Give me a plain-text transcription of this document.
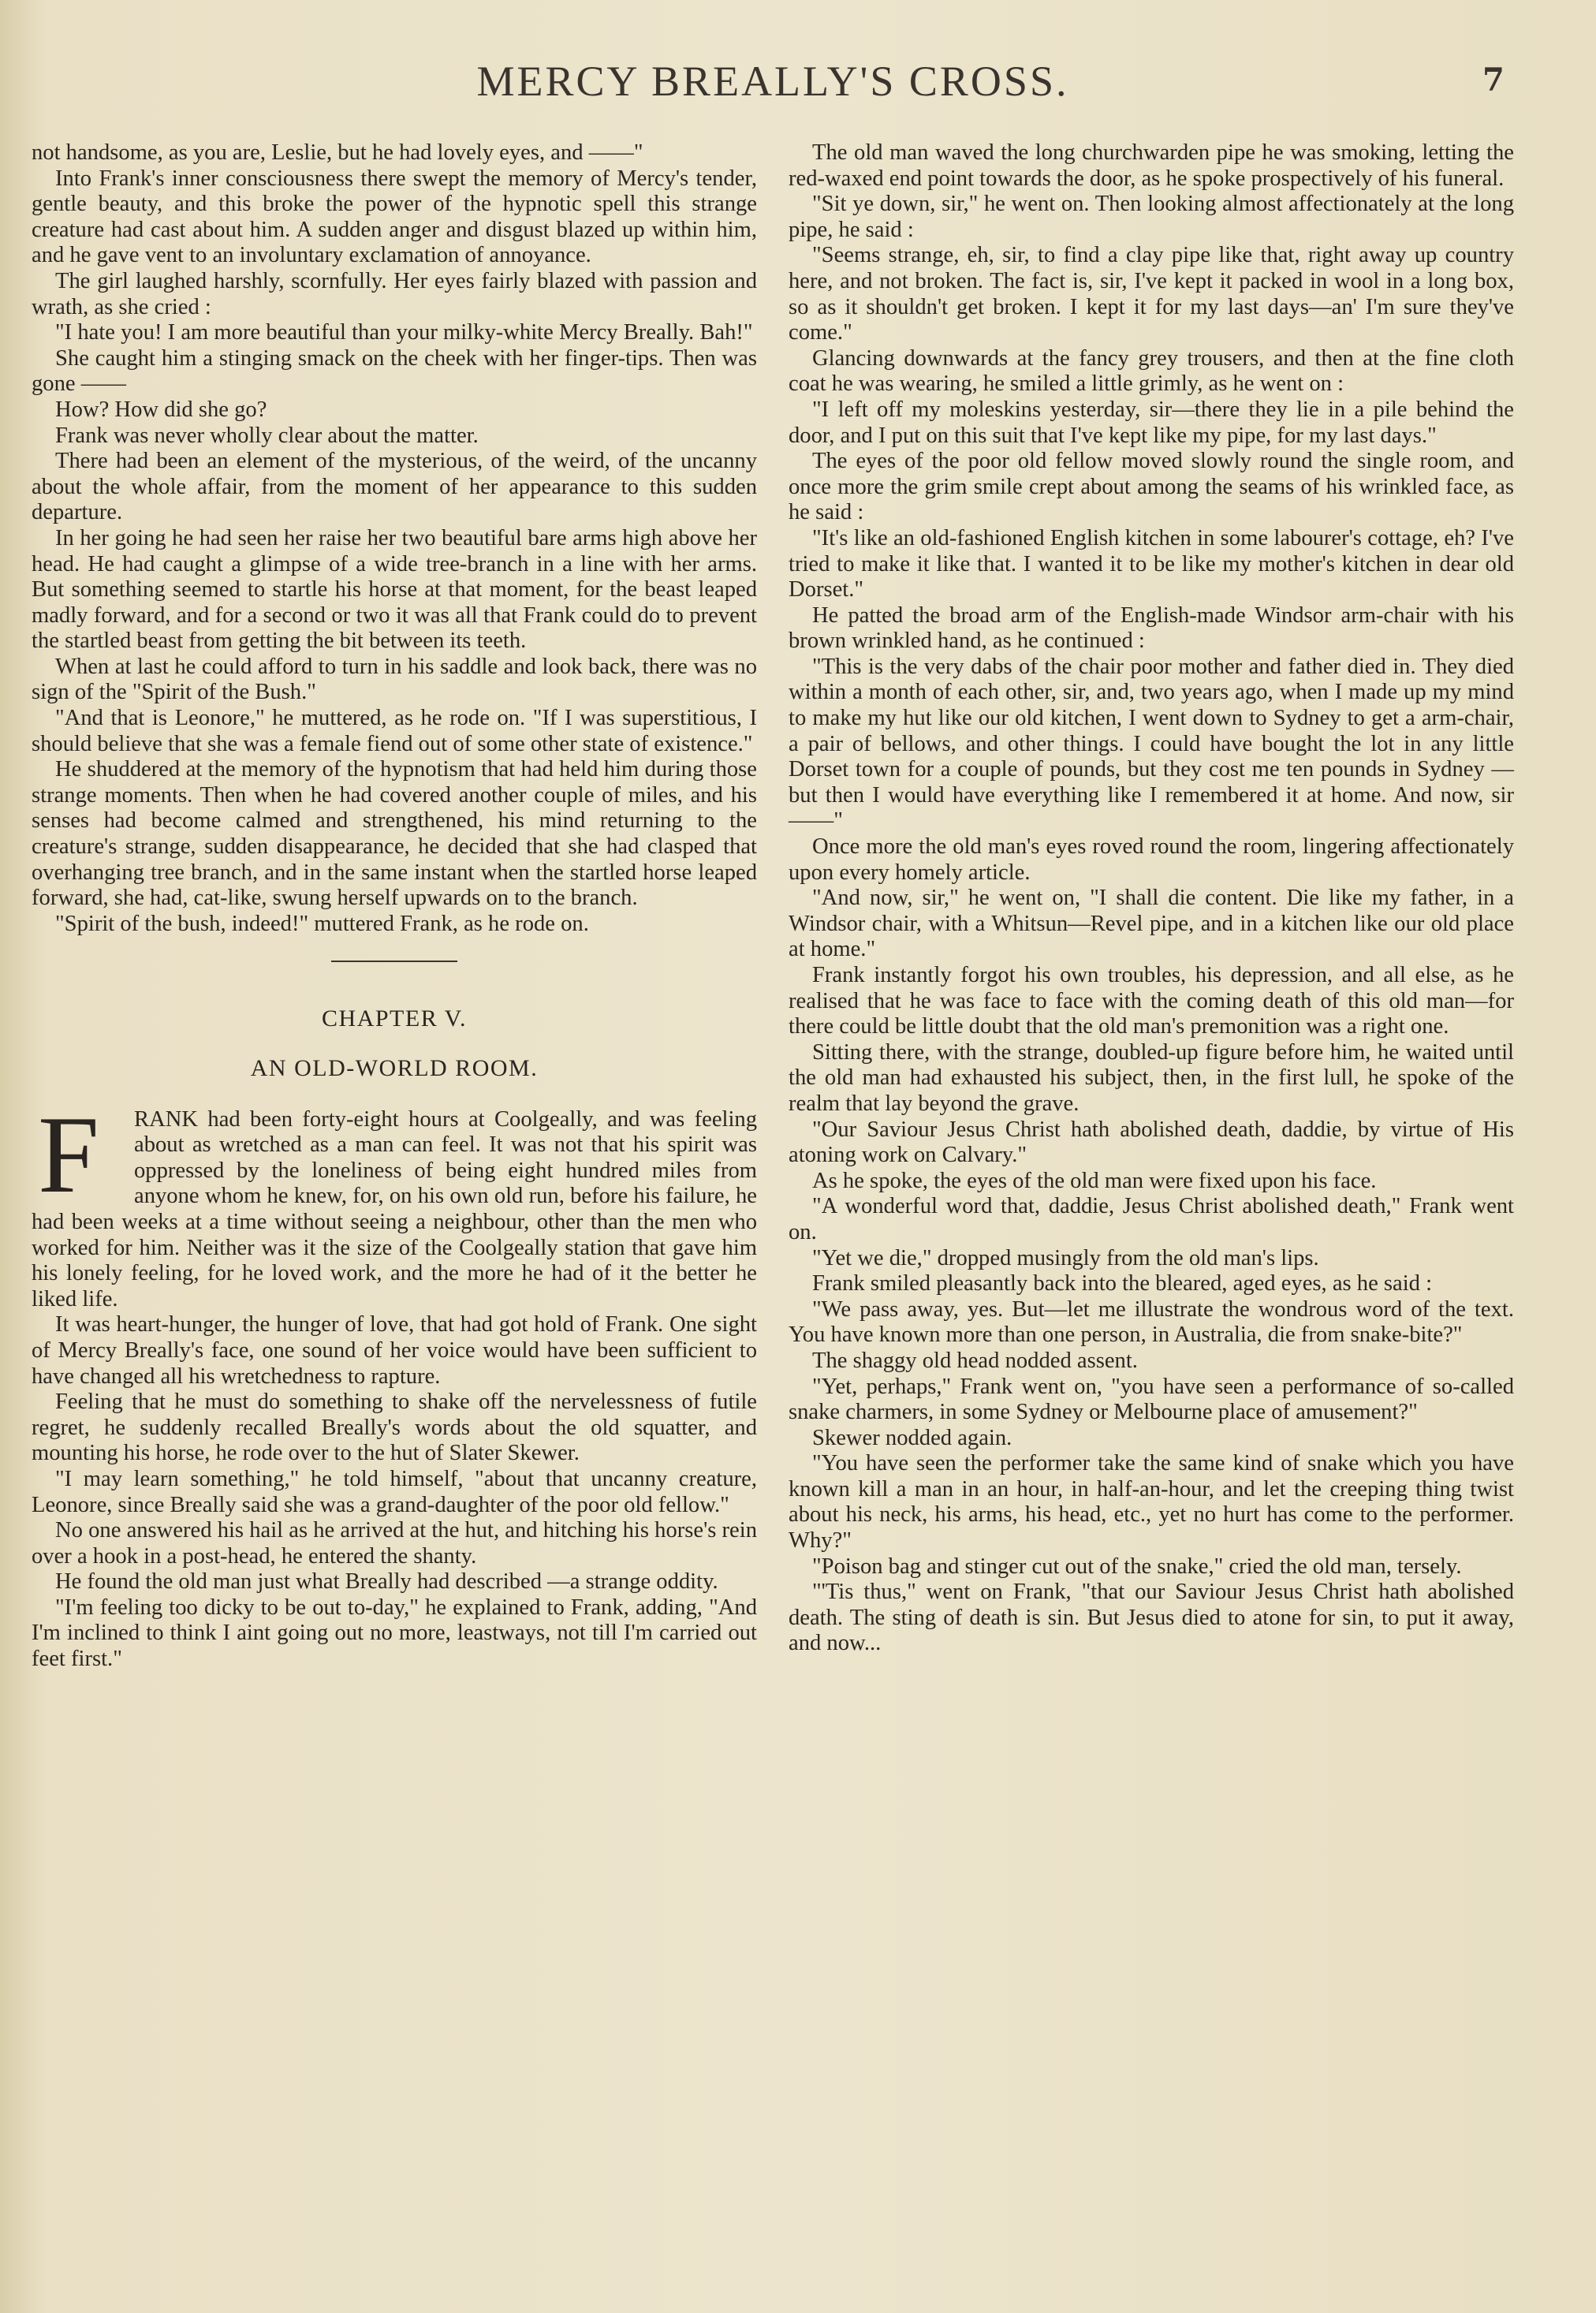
MERCY BREALLY'S CROSS.	7

not handsome, as you are, Leslie, but he had lovely eyes, and ——"

Into Frank's inner consciousness there swept the memory of Mercy's tender, gentle beauty, and this broke the power of the hypnotic spell this strange creature had cast about him. A sudden anger and disgust blazed up within him, and he gave vent to an involuntary exclamation of annoyance.

The girl laughed harshly, scornfully. Her eyes fairly blazed with passion and wrath, as she cried :

"I hate you! I am more beautiful than your milky-white Mercy Breally. Bah!"

She caught him a stinging smack on the cheek with her finger-tips. Then was gone ——

How? How did she go?

Frank was never wholly clear about the matter.

There had been an element of the mysterious, of the weird, of the uncanny about the whole affair, from the moment of her appearance to this sudden departure.

In her going he had seen her raise her two beautiful bare arms high above her head. He had caught a glimpse of a wide tree-branch in a line with her arms. But something seemed to startle his horse at that moment, for the beast leaped madly forward, and for a second or two it was all that Frank could do to prevent the startled beast from getting the bit between its teeth.

When at last he could afford to turn in his saddle and look back, there was no sign of the "Spirit of the Bush."

"And that is Leonore," he muttered, as he rode on. "If I was superstitious, I should believe that she was a female fiend out of some other state of existence."

He shuddered at the memory of the hypnotism that had held him during those strange moments. Then when he had covered another couple of miles, and his senses had become calmed and strengthened, his mind returning to the creature's strange, sudden disappearance, he decided that she had clasped that overhanging tree branch, and in the same instant when the startled horse leaped forward, she had, cat-like, swung herself upwards on to the branch.

"Spirit of the bush, indeed!" muttered Frank, as he rode on.

CHAPTER V.
AN OLD-WORLD ROOM.
F	RANK had been forty-eight hours at Coolgeally, and was feeling about as wretched as a man can feel. It was not that his spirit was oppressed by the loneliness of being eight hundred miles from anyone whom he knew, for, on his own old run, before his failure, he had been weeks at a time without seeing a neighbour, other than the men who worked for him. Neither was it the size of the Coolgeally station that gave him his lonely feeling, for he loved work, and the more he had of it the better he liked life.

It was heart-hunger, the hunger of love, that had got hold of Frank. One sight of Mercy Breally's face, one sound of her voice would have been sufficient to have changed all his wretchedness to rapture.

Feeling that he must do something to shake off the nervelessness of futile regret, he suddenly recalled Breally's words about the old squatter, and mounting his horse, he rode over to the hut of Slater Skewer.

"I may learn something," he told himself, "about that uncanny creature, Leonore, since Breally said she was a grand-daughter of the poor old fellow."

No one answered his hail as he arrived at the hut, and hitching his horse's rein over a hook in a post-head, he entered the shanty.

He found the old man just what Breally had described —a strange oddity.

"I'm feeling too dicky to be out to-day," he explained to Frank, adding, "And I'm inclined to think I aint going out no more, leastways, not till I'm carried out feet first."

The old man waved the long churchwarden pipe he was smoking, letting the red-waxed end point towards the door, as he spoke prospectively of his funeral.

"Sit ye down, sir," he went on. Then looking almost affectionately at the long pipe, he said :

"Seems strange, eh, sir, to find a clay pipe like that, right away up country here, and not broken. The fact is, sir, I've kept it packed in wool in a long box, so as it shouldn't get broken. I kept it for my last days—an' I'm sure they've come."

Glancing downwards at the fancy grey trousers, and then at the fine cloth coat he was wearing, he smiled a little grimly, as he went on :

"I left off my moleskins yesterday, sir—there they lie in a pile behind the door, and I put on this suit that I've kept like my pipe, for my last days."

The eyes of the poor old fellow moved slowly round the single room, and once more the grim smile crept about among the seams of his wrinkled face, as he said :

"It's like an old-fashioned English kitchen in some labourer's cottage, eh? I've tried to make it like that. I wanted it to be like my mother's kitchen in dear old Dorset."

He patted the broad arm of the English-made Windsor arm-chair with his brown wrinkled hand, as he continued :

"This is the very dabs of the chair poor mother and father died in. They died within a month of each other, sir, and, two years ago, when I made up my mind to make my hut like our old kitchen, I went down to Sydney to get a arm-chair, a pair of bellows, and other things. I could have bought the lot in any little Dorset town for a couple of pounds, but they cost me ten pounds in Sydney —but then I would have everything like I remembered it at home. And now, sir ——"

Once more the old man's eyes roved round the room, lingering affectionately upon every homely article.

"And now, sir," he went on, "I shall die content. Die like my father, in a Windsor chair, with a Whitsun—Revel pipe, and in a kitchen like our old place at home."

Frank instantly forgot his own troubles, his depression, and all else, as he realised that he was face to face with the coming death of this old man—for there could be little doubt that the old man's premonition was a right one.

Sitting there, with the strange, doubled-up figure before him, he waited until the old man had exhausted his subject, then, in the first lull, he spoke of the realm that lay beyond the grave.

"Our Saviour Jesus Christ hath abolished death, daddie, by virtue of His atoning work on Calvary."

As he spoke, the eyes of the old man were fixed upon his face.

"A wonderful word that, daddie, Jesus Christ abolished death," Frank went on.

"Yet we die," dropped musingly from the old man's lips.

Frank smiled pleasantly back into the bleared, aged eyes, as he said :

"We pass away, yes. But—let me illustrate the wondrous word of the text. You have known more than one person, in Australia, die from snake-bite?"

The shaggy old head nodded assent.

"Yet, perhaps," Frank went on, "you have seen a performance of so-called snake charmers, in some Sydney or Melbourne place of amusement?"

Skewer nodded again.

"You have seen the performer take the same kind of snake which you have known kill a man in an hour, in half-an-hour, and let the creeping thing twist about his neck, his arms, his head, etc., yet no hurt has come to the performer. Why?"

"Poison bag and stinger cut out of the snake," cried the old man, tersely.

"'Tis thus," went on Frank, "that our Saviour Jesus Christ hath abolished death. The sting of death is sin. But Jesus died to atone for sin, to put it away, and now...
